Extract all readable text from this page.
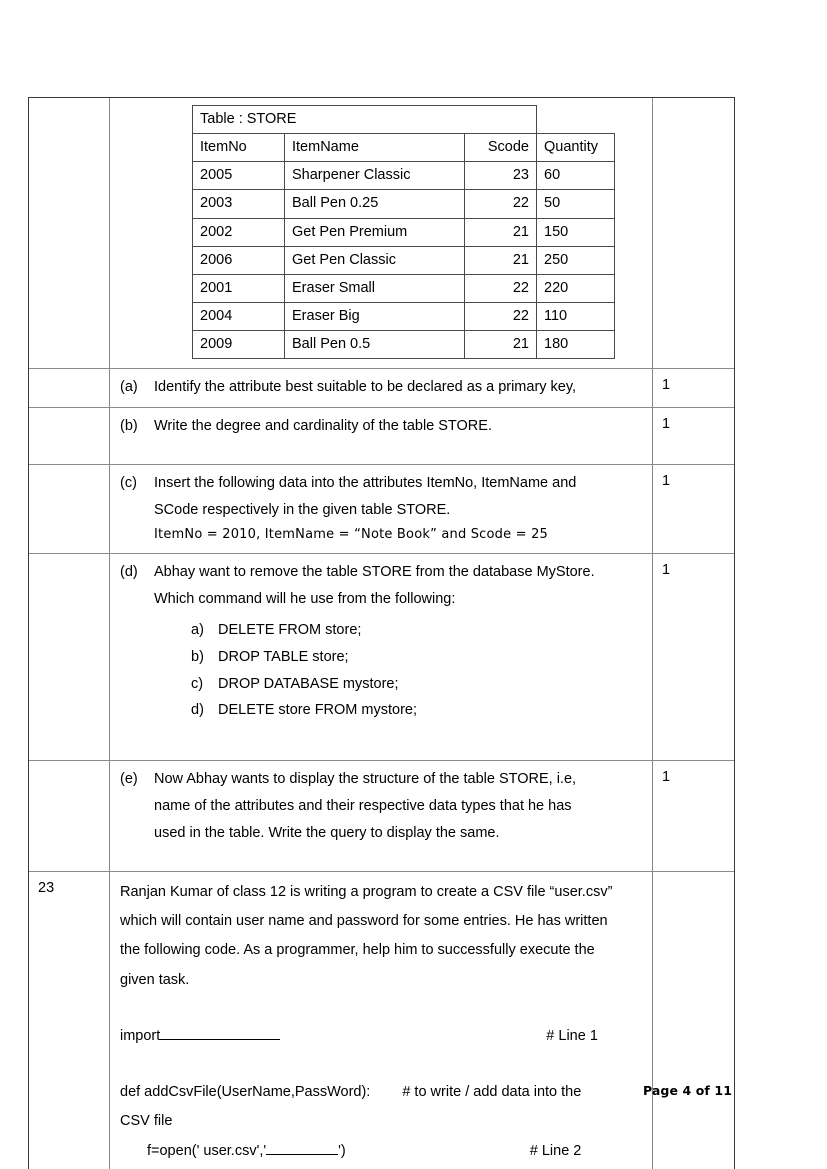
Table : STORE			
ItemNo	ItemName	Scode	Quantity
2005	Sharpener Classic	23	60
2003	Ball Pen 0.25	22	50
2002	Get Pen Premium	21	150
2006	Get Pen Classic	21	250
2001	Eraser Small	22	220
2004	Eraser Big	22	110
2009	Ball Pen 0.5	21	180
(a)	Identify the attribute best suitable to be declared as a primary key,	1
(b)	Write the degree and cardinality of the table STORE.	1
(c)	Insert the following data into the attributes ItemNo, ItemName and

SCode respectively in the given table STORE.

ItemNo = 2010, ItemName = “Note Book” and Scode = 25

1
(d)	Abhay want to remove the table STORE from the database MyStore.

Which command will he use from the following:

a) DELETE FROM store;
b) DROP TABLE store;
c)	DROP DATABASE mystore;
d) DELETE store FROM mystore;
1
(e)	Now Abhay wants to display the structure of the table STORE, i.e,

name of the attributes and their respective data types that he has

used in the table. Write the query to display the same.

1
23	Ranjan Kumar of class 12 is writing a program to create a CSV file “user.csv”

which will contain user name and password for some entries. He has written

the following code. As a programmer, help him to successfully execute the

given task.

import	# Line 1
def addCsvFile(UserName,PassWord): # to write / add data into the
CSV file
f=open(' user.csv','	')	# Line 2
Page 4 of 11
